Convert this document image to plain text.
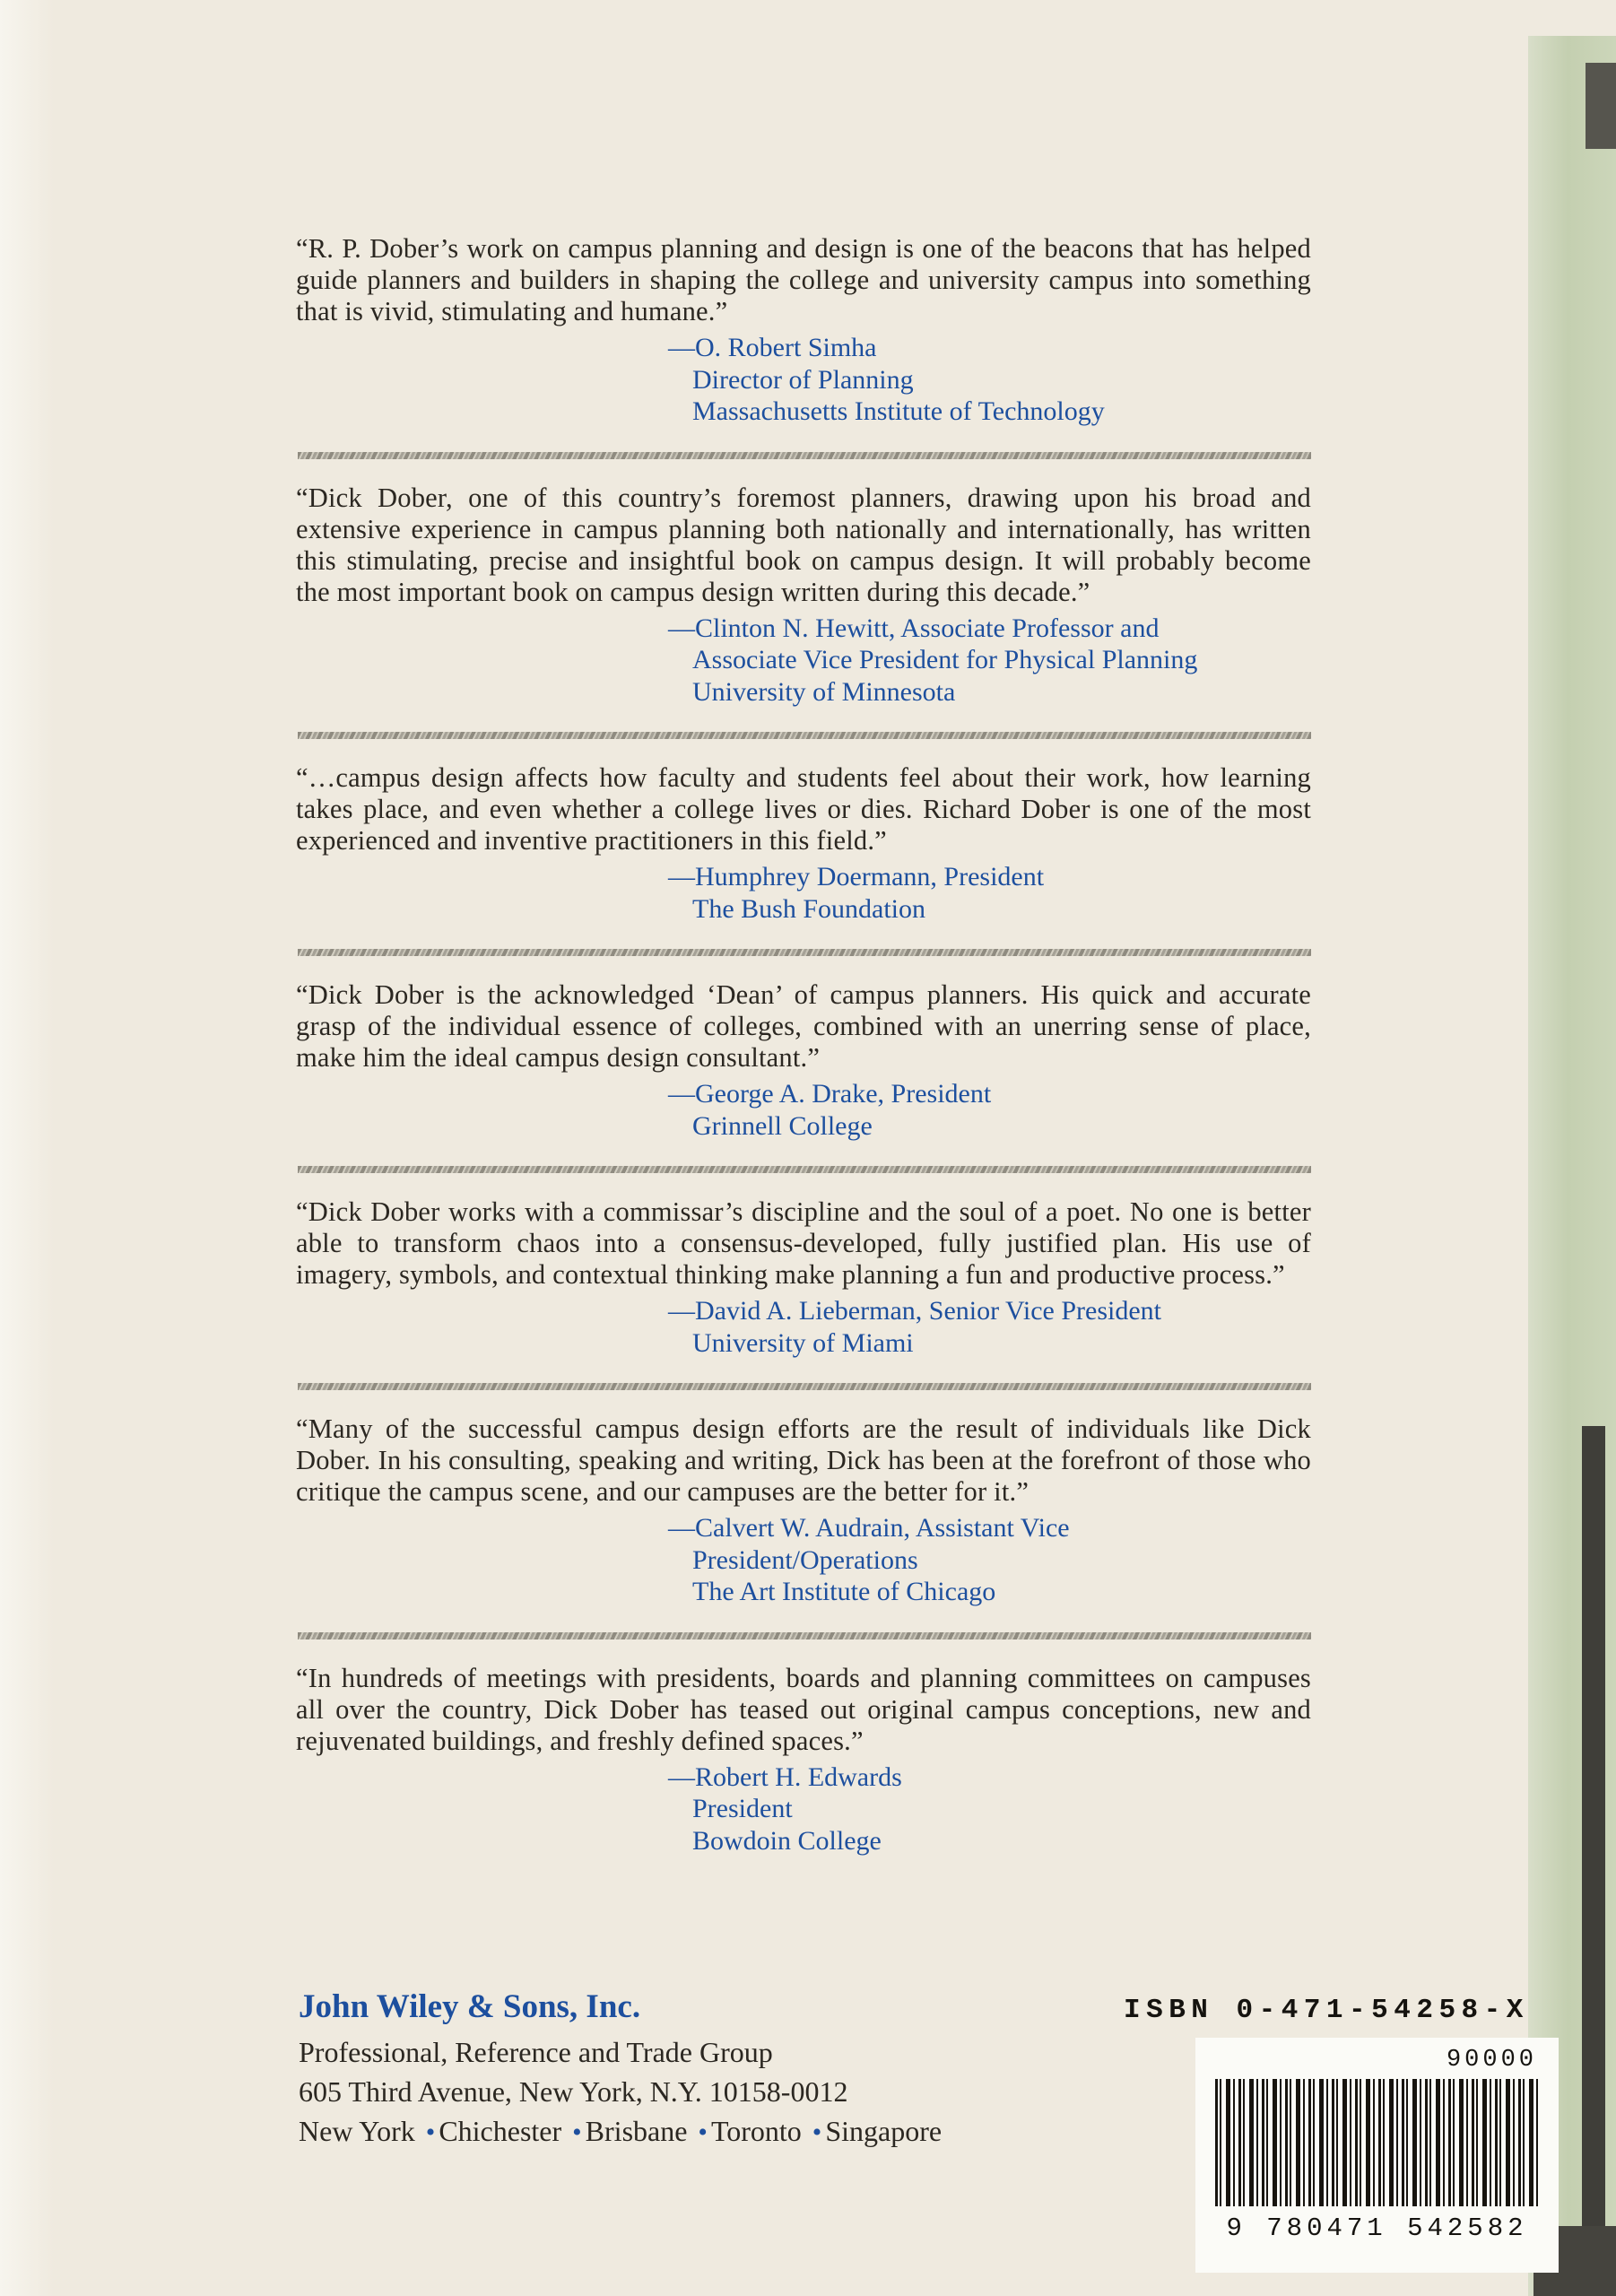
“R. P. Dober’s work on campus planning and design is one of the beacons that has helped guide planners and builders in shaping the college and university campus into something that is vivid, stimulating and humane.”

—O. Robert Simha
Director of Planning
Massachusetts Institute of Technology

“Dick Dober, one of this country’s foremost planners, drawing upon his broad and extensive experience in campus planning both nationally and internationally, has written this stimulating, precise and insightful book on campus design. It will probably become the most important book on campus design written during this decade.”

—Clinton N. Hewitt, Associate Professor and
Associate Vice President for Physical Planning
University of Minnesota

“…campus design affects how faculty and students feel about their work, how learning takes place, and even whether a college lives or dies. Richard Dober is one of the most experienced and inventive practitioners in this field.”

—Humphrey Doermann, President
The Bush Foundation

“Dick Dober is the acknowledged ‘Dean’ of campus planners. His quick and accurate grasp of the individual essence of colleges, combined with an unerring sense of place, make him the ideal campus design consultant.”

—George A. Drake, President
Grinnell College

“Dick Dober works with a commissar’s discipline and the soul of a poet. No one is better able to transform chaos into a consensus-developed, fully justified plan. His use of imagery, symbols, and contextual thinking make planning a fun and productive process.”

—David A. Lieberman, Senior Vice President
University of Miami

“Many of the successful campus design efforts are the result of individuals like Dick Dober. In his consulting, speaking and writing, Dick has been at the forefront of those who critique the campus scene, and our campuses are the better for it.”

—Calvert W. Audrain, Assistant Vice
President/Operations
The Art Institute of Chicago

“In hundreds of meetings with presidents, boards and planning committees on campuses all over the country, Dick Dober has teased out original campus conceptions, new and rejuvenated buildings, and freshly defined spaces.”

—Robert H. Edwards
President
Bowdoin College
John Wiley & Sons, Inc.
Professional, Reference and Trade Group
605 Third Avenue, New York, N.Y. 10158-0012
New York • Chichester • Brisbane • Toronto • Singapore
ISBN 0-471-54258-X
90000
9 780471 542582
